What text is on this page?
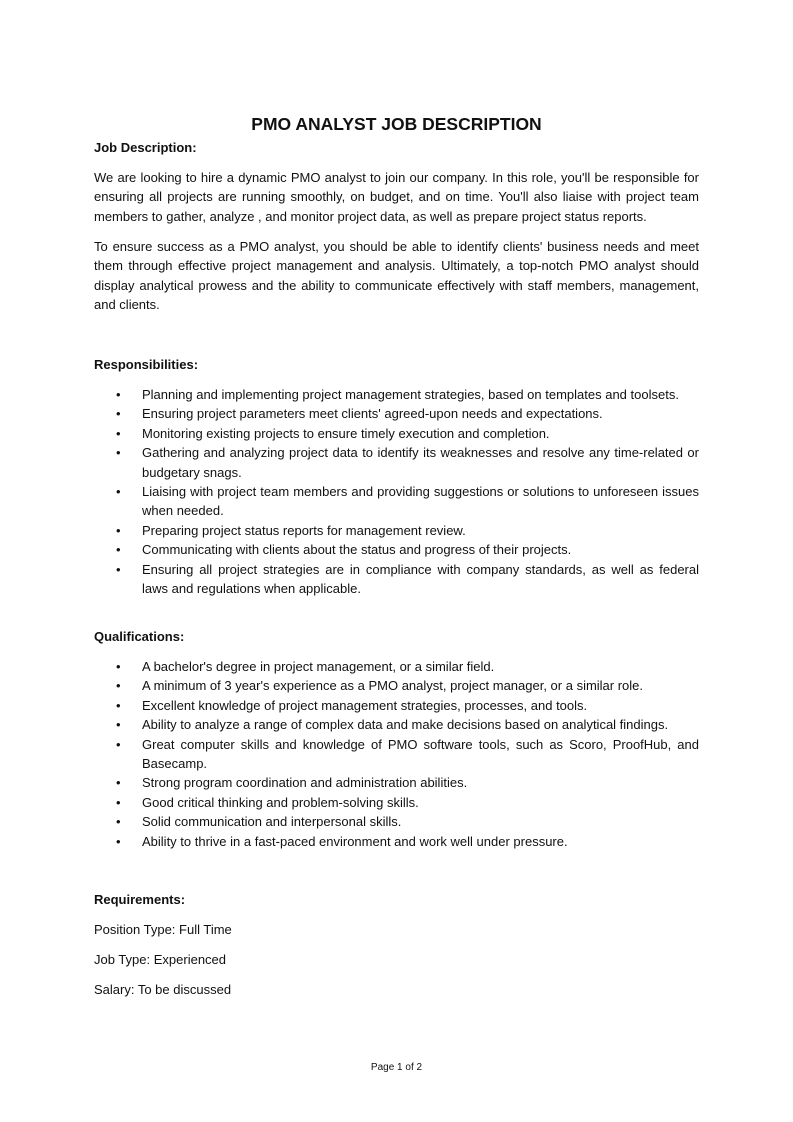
PMO ANALYST JOB DESCRIPTION
Job Description:

We are looking to hire a dynamic PMO analyst to join our company. In this role, you'll be responsible for ensuring all projects are running smoothly, on budget, and on time. You'll also liaise with project team members to gather, analyze , and monitor project data, as well as prepare project status reports.

To ensure success as a PMO analyst, you should be able to identify clients' business needs and meet them through effective project management and analysis. Ultimately, a top-notch PMO analyst should display analytical prowess and the ability to communicate effectively with staff members, management, and clients.

Responsibilities:
• Planning and implementing project management strategies, based on templates and toolsets.
• Ensuring project parameters meet clients' agreed-upon needs and expectations.
• Monitoring existing projects to ensure timely execution and completion.
• Gathering and analyzing project data to identify its weaknesses and resolve any time-related or budgetary snags.
• Liaising with project team members and providing suggestions or solutions to unforeseen issues when needed.
• Preparing project status reports for management review.
• Communicating with clients about the status and progress of their projects.
• Ensuring all project strategies are in compliance with company standards, as well as federal laws and regulations when applicable.
Qualifications:
• A bachelor's degree in project management, or a similar field.
• A minimum of 3 year's experience as a PMO analyst, project manager, or a similar role.
• Excellent knowledge of project management strategies, processes, and tools.
• Ability to analyze a range of complex data and make decisions based on analytical findings.
• Great computer skills and knowledge of PMO software tools, such as Scoro, ProofHub, and Basecamp.
• Strong program coordination and administration abilities.
• Good critical thinking and problem-solving skills.
• Solid communication and interpersonal skills.
• Ability to thrive in a fast-paced environment and work well under pressure.
Requirements:
Position Type: Full Time
Job Type: Experienced
Salary: To be discussed
Page 1 of 2
